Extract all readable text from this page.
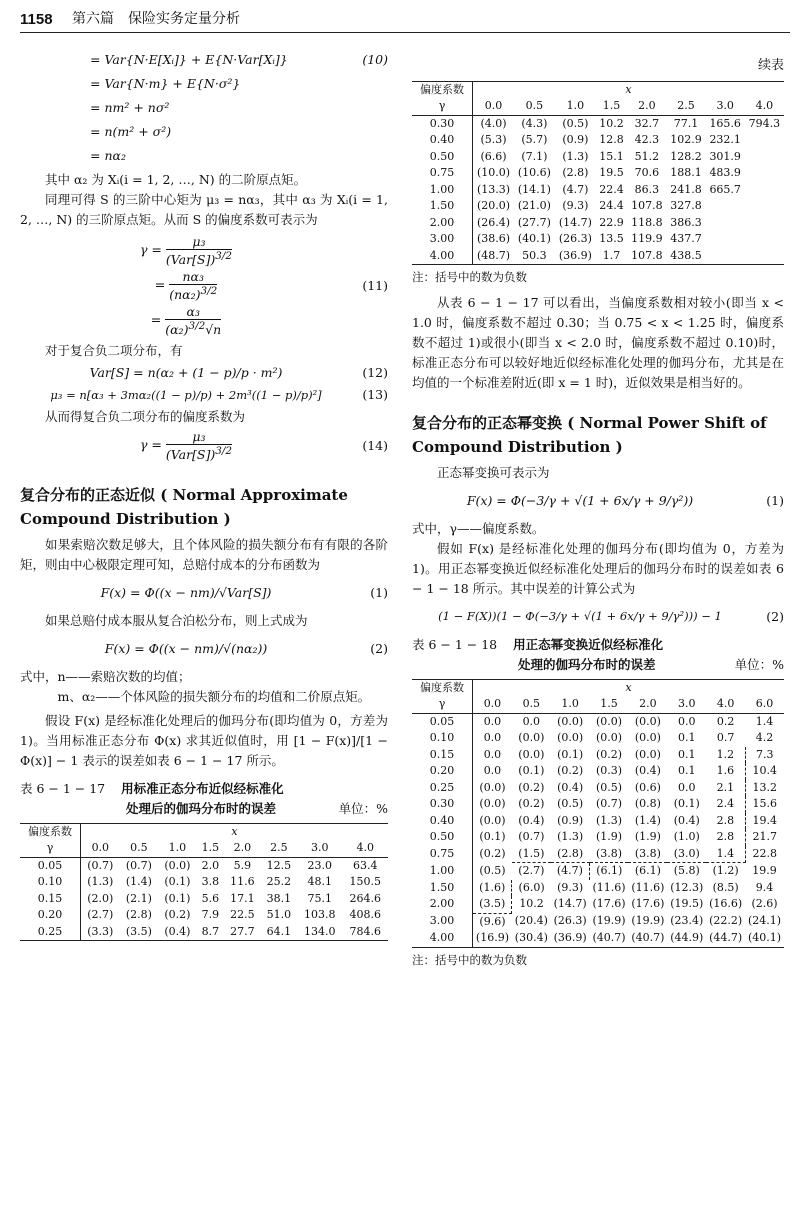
1158 第六篇　保险实务定量分析
= Var{N·E[Xᵢ]} + E{N·Var[Xᵢ]}	(10)
= Var{N·m} + E{N·σ²}
= nm² + nσ²
= n(m² + σ²)
= nα₂

其中 α₂ 为 Xᵢ(i = 1, 2, …, N) 的二阶原点矩。

同理可得 S 的三阶中心矩为 μ₃ = nα₃，其中 α₃ 为 Xᵢ(i = 1, 2, …, N) 的三阶原点矩。从而 S 的偏度系数可表示为

$\gamma = \frac{\text{μ₃}}{(Var[S])^{3/2}}$
= $\frac{\text{nα₃}}{(n\alpha_2)^{3/2}}$	(11)
= $\frac{\text{α₃}}{(\alpha_2)^{3/2}√n}$

对于复合负二项分布，有

Var[S] = n(α₂ + (1 − p)/p · m²)	(12)
μ₃ = n[α₃ + 3mα₂((1 − p)/p) + 2m³((1 − p)/p)²]	(13)

从而得复合负二项分布的偏度系数为

$\gamma = \frac{\text{μ₃}}{(Var[S])^{3/2}}$	(14)
复合分布的正态近似 ( Normal Approximate Compound Distribution )

如果索赔次数足够大，且个体风险的损失额分布有有限的各阶矩，则由中心极限定理可知，总赔付成本的分布函数为

F(x) = Φ((x − nm)/√Var[S])	(1)

如果总赔付成本服从复合泊松分布，则上式成为

F(x) = Φ((x − nm)/√(nα₂))	(2)

式中，n——索赔次数的均值；

m、α₂——个体风险的损失额分布的均值和二价原点矩。

假设 F(x) 是经标准化处理后的伽玛分布(即均值为 0，方差为 1)。当用标准正态分布 Φ(x) 求其近似值时，用 [1 − F(x)]/[1 − Φ(x)] − 1 表示的误差如表 6 − 1 − 17 所示。

表 6 − 1 − 17 用标准正态分布近似经标准化
处理后的伽玛分布时的误差	单位：%
偏度系数	x							
γ	0.0	0.5	1.0	1.5	2.0	2.5	3.0	4.0
0.05	(0.7)	(0.7)	(0.0)	2.0	5.9	12.5	23.0	63.4
0.10	(1.3)	(1.4)	(0.1)	3.8	11.6	25.2	48.1	150.5
0.15	(2.0)	(2.1)	(0.1)	5.6	17.1	38.1	75.1	264.6
0.20	(2.7)	(2.8)	(0.2)	7.9	22.5	51.0	103.8	408.6
0.25	(3.3)	(3.5)	(0.4)	8.7	27.7	64.1	134.0	784.6
续表
偏度系数	x							
γ	0.0	0.5	1.0	1.5	2.0	2.5	3.0	4.0
0.30	(4.0)	(4.3)	(0.5)	10.2	32.7	77.1	165.6	794.3
0.40	(5.3)	(5.7)	(0.9)	12.8	42.3	102.9	232.1	
0.50	(6.6)	(7.1)	(1.3)	15.1	51.2	128.2	301.9	
0.75	(10.0)	(10.6)	(2.8)	19.5	70.6	188.1	483.9	
1.00	(13.3)	(14.1)	(4.7)	22.4	86.3	241.8	665.7	
1.50	(20.0)	(21.0)	(9.3)	24.4	107.8	327.8		
2.00	(26.4)	(27.7)	(14.7)	22.9	118.8	386.3		
3.00	(38.6)	(40.1)	(26.3)	13.5	119.9	437.7		
4.00	(48.7)	50.3	(36.9)	1.7	107.8	438.5		
注：括号中的数为负数

从表 6 − 1 − 17 可以看出，当偏度系数相对较小(即当 x < 1.0 时，偏度系数不超过 0.30；当 0.75 < x < 1.25 时，偏度系数不超过 1)或很小(即当 x < 2.0 时，偏度系数不超过 0.10)时，标准正态分布可以较好地近似经标准化处理的伽玛分布，尤其是在均值的一个标准差附近(即 x = 1 时)，近似效果是相当好的。

复合分布的正态幂变换 ( Normal Power Shift of Compound Distribution )

正态幂变换可表示为

F(x) = Φ(−3/γ + √(1 + 6x/γ + 9/γ²))	(1)

式中，γ——偏度系数。

假如 F(x) 是经标准化处理的伽玛分布(即均值为 0，方差为 1)。用正态幂变换近似经标准化处理后的伽玛分布时的误差如表 6 − 1 − 18 所示。其中误差的计算公式为

(1 − F(X))(1 − Φ(−3/γ + √(1 + 6x/γ + 9/γ²))) − 1	(2)
表 6 − 1 − 18 用正态幂变换近似经标准化
处理的伽玛分布时的误差	单位：%
偏度系数	x							
γ	0.0	0.5	1.0	1.5	2.0	3.0	4.0	6.0
0.05	0.0	0.0	(0.0)	(0.0)	(0.0)	0.0	0.2	1.4
0.10	0.0	(0.0)	(0.0)	(0.0)	(0.0)	0.1	0.7	4.2
0.15	0.0	(0.0)	(0.1)	(0.2)	(0.0)	0.1	1.2	7.3
0.20	0.0	(0.1)	(0.2)	(0.3)	(0.4)	0.1	1.6	10.4
0.25	(0.0)	(0.2)	(0.4)	(0.5)	(0.6)	0.0	2.1	13.2
0.30	(0.0)	(0.2)	(0.5)	(0.7)	(0.8)	(0.1)	2.4	15.6
0.40	(0.0)	(0.4)	(0.9)	(1.3)	(1.4)	(0.4)	2.8	19.4
0.50	(0.1)	(0.7)	(1.3)	(1.9)	(1.9)	(1.0)	2.8	21.7
0.75	(0.2)	(1.5)	(2.8)	(3.8)	(3.8)	(3.0)	1.4	22.8
1.00	(0.5)	(2.7)	(4.7)	(6.1)	(6.1)	(5.8)	(1.2)	19.9
1.50	(1.6)	(6.0)	(9.3)	(11.6)	(11.6)	(12.3)	(8.5)	9.4
2.00	(3.5)	10.2	(14.7)	(17.6)	(17.6)	(19.5)	(16.6)	(2.6)
3.00	(9.6)	(20.4)	(26.3)	(19.9)	(19.9)	(23.4)	(22.2)	(24.1)
4.00	(16.9)	(30.4)	(36.9)	(40.7)	(40.7)	(44.9)	(44.7)	(40.1)
注：括号中的数为负数
